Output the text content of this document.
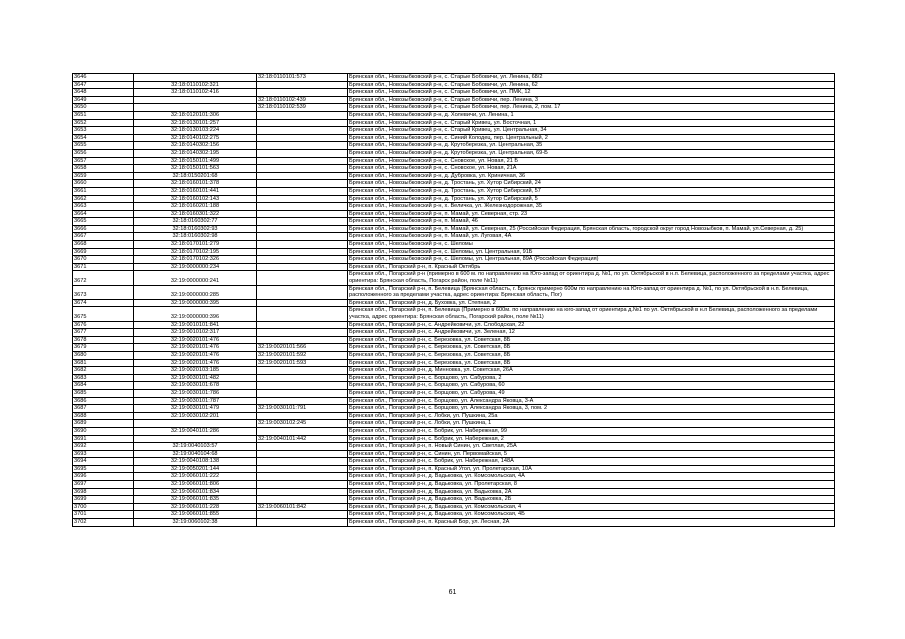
3646		32:18:0110101:573	Брянская обл., Новозыбковский р-н, с. Старые Бобовичи, ул. Ленина, 68/2
3647	32:18:0110102:321		Брянская обл., Новозыбковский р-н, с. Старые Бобовичи, ул. Ленина, 62
3648	32:18:0110102:416		Брянская обл., Новозыбковский р-н, с. Старые Бобовичи, ул. ПМК, 12
3649		32:18:0110102:439	Брянская обл., Новозыбковский р-н, с. Старые Бобовичи, пер. Ленина, 3
3650		32:18:0110102:539	Брянская обл., Новозыбковский р-н, с. Старые Бобовичи, пер. Ленина, 2, пом. 17
3651	32:18:0120101:306		Брянская обл., Новозыбковский р-н, д. Холевичи, ул. Ленина, 1
3652	32:18:0130101:257		Брянская обл., Новозыбковский р-н, с. Старый Кривец, ул. Восточная, 1
3653	32:18:0130103:224		Брянская обл., Новозыбковский р-н, с. Старый Кривец, ул. Центральная, 34
3654	32:18:0140102:275		Брянская обл., Новозыбковский р-н, с. Синий Колодец, пер. Центральный, 2
3655	32:18:0140302:156		Брянская обл., Новозыбковский р-н, д. Крутоберезка, ул. Центральная, 35
3656	32:18:0140302:195		Брянская обл., Новозыбковский р-н, д. Крутоберезка, ул. Центральная, 69-Б
3657	32:18:0150101:499		Брянская обл., Новозыбковский р-н, с. Сновское, ул. Новая, 21 Б
3658	32:18:0150101:563		Брянская обл., Новозыбковский р-н, с. Сновское, ул. Новая, 21А
3659	32:18:0150201:68		Брянская обл., Новозыбковский р-н, д. Дубровка, ул. Криничная, 36
3660	32:18:0160101:378		Брянская обл., Новозыбковский р-н, д. Тростань, ул. Хутор Сибирский, 24
3661	32:18:0160101:441		Брянская обл., Новозыбковский р-н, д. Тростань, ул. Хутор Сибирский, 57
3662	32:18:0160102:143		Брянская обл., Новозыбковский р-н, д. Тростань, ул. Хутор Сибирский, 5
3663	32:18:0160201:188		Брянская обл., Новозыбковский р-н, х. Величка, ул. Железнодорожная, 35
3664	32:18:0160301:322		Брянская обл., Новозыбковский р-н, п. Мамай, ул. Северная, стр. 23
3665	32:18:0160302:77		Брянская обл., Новозыбковский р-н, п. Мамай, 46
3666	32:18:0160302:93		Брянская обл., Новозыбковский р-н, п. Мамай, ул. Северная, 25 (Российская Федерация, Брянская область, городской округ город Новозыбков, п. Мамай, ул.Северная, д. 25)
3667	32:18:0160302:98		Брянская обл., Новозыбковский р-н, п. Мамай, ул. Луговая, 4А
3668	32:18:0170101:279		Брянская обл., Новозыбковский р-н, с. Шеломы
3669	32:18:0170102:195		Брянская обл., Новозыбковский р-н, с. Шеломы, ул. Центральная, 91Б
3670	32:18:0170102:326		Брянская обл., Новозыбковский р-н, с. Шеломы, ул. Центральная, 89А (Российская Федерация)
3671	32:19:0000000:234		Брянская обл., Погарский р-н, п. Красный Октябрь
3672	32:19:0000000:241		Брянская обл., Погарский р-н (примерно в 600 м. по направлению на Юго-запад от ориентира д. №1, по ул. Октябрьской в н.п. Белевица, расположенного за пределами участка, адрес ориентира: Брянская область, Погарск район, поле №11)
3673	32:19:0000000:285		Брянская обл., Погарский р-н, п. Белевица (Брянская область, г. Брянск примерно 600м по направлению на Юго-запад от ориентира д. №1, по ул. Октябрьской в н.п. Белевица, расположенного за пределами участка, адрес ориентира: Брянская область, Пог)
3674	32:19:0000000:395		Брянская обл., Погарский р-н, д. Буховка, ул. Степная, 2
3675	32:19:0000000:396		Брянская обл., Погарский р-н, п. Белевица (Примерно в 600м. по направлению на юго-запад от ориентира д.№1 по ул. Октябрьской в н.п Белевица, расположенного за пределами участка, адрес ориентира: Брянская область, Погарский район, поле №11)
3676	32:19:0010101:841		Брянская обл., Погарский р-н, с. Андрейковичи, ул. Слободская, 22
3677	32:19:0010102:317		Брянская обл., Погарский р-н, с. Андрейковичи, ул. Зеленая, 12
3678	32:19:0020101:476		Брянская обл., Погарский р-н, с. Березовка, ул. Советская, 8Б
3679	32:19:0020101:476	32:19:0020101:566	Брянская обл., Погарский р-н, с. Березовка, ул. Советская, 8Б
3680	32:19:0020101:476	32:19:0020101:592	Брянская обл., Погарский р-н, с. Березовка, ул. Советская, 8Б
3681	32:19:0020101:476	32:19:0020101:593	Брянская обл., Погарский р-н, с. Березовка, ул. Советская, 8Б
3682	32:19:0020103:185		Брянская обл., Погарский р-н, д. Минновка, ул. Советская, 26А
3683	32:19:0030101:482		Брянская обл., Погарский р-н, с. Борщово, ул. Сабурова, 2
3684	32:19:0030101:678		Брянская обл., Погарский р-н, с. Борщово, ул. Сабурова, 60
3685	32:19:0030101:786		Брянская обл., Погарский р-н, с. Борщово, ул. Сабурова, 49
3686	32:19:0030101:787		Брянская обл., Погарский р-н, с. Борщово, ул. Александра Яковца, 3-А
3687	32:19:0030101:479	32:19:0030101:791	Брянская обл., Погарский р-н, с. Борщово, ул. Александра Яковца, 3, пом. 2
3688	32:19:0030102:201		Брянская обл., Погарский р-н, с. Лобки, ул. Пушкина, 25а
3689		32:19:0030102:245	Брянская обл., Погарский р-н, с. Лобки, ул. Пушкина, 1
3690	32:19:0040101:286		Брянская обл., Погарский р-н, с. Бобрик, ул. Набережная, 99
3691		32:19:0040101:442	Брянская обл., Погарский р-н, с. Бобрик, ул. Набережная, 2
3692	32:19:0040103:57		Брянская обл., Погарский р-н, п. Новый Синин, ул. Светлая, 25А
3693	32:19:0040104:68		Брянская обл., Погарский р-н, с. Синин, ул. Первомайская, 5
3694	32:19:0040108:138		Брянская обл., Погарский р-н, с. Бобрик, ул. Набережная, 148А
3695	32:19:0050201:144		Брянская обл., Погарский р-н, п. Красный Угол, ул. Пролетарская, 10А
3696	32:19:0060101:222		Брянская обл., Погарский р-н, д. Вадьковка, ул. Комсомольская, 4А
3697	32:19:0060101:806		Брянская обл., Погарский р-н, д. Вадьковка, ул. Пролетарская, 8
3698	32:19:0060101:834		Брянская обл., Погарский р-н, д. Вадьковка, ул. Вадьковка, 2А
3699	32:19:0060101:835		Брянская обл., Погарский р-н, д. Вадьковка, ул. Вадьковка, 2Б
3700	32:19:0060101:228	32:19:0060101:842	Брянская обл., Погарский р-н, д. Вадьковка, ул. Комсомольская, 4
3701	32:19:0060101:855		Брянская обл., Погарский р-н, д. Вадьковка, ул. Комсомольская, 4Б
3702	32:19:0060102:38		Брянская обл., Погарский р-н, п. Красный Бор, ул. Лесная, 2А
61
